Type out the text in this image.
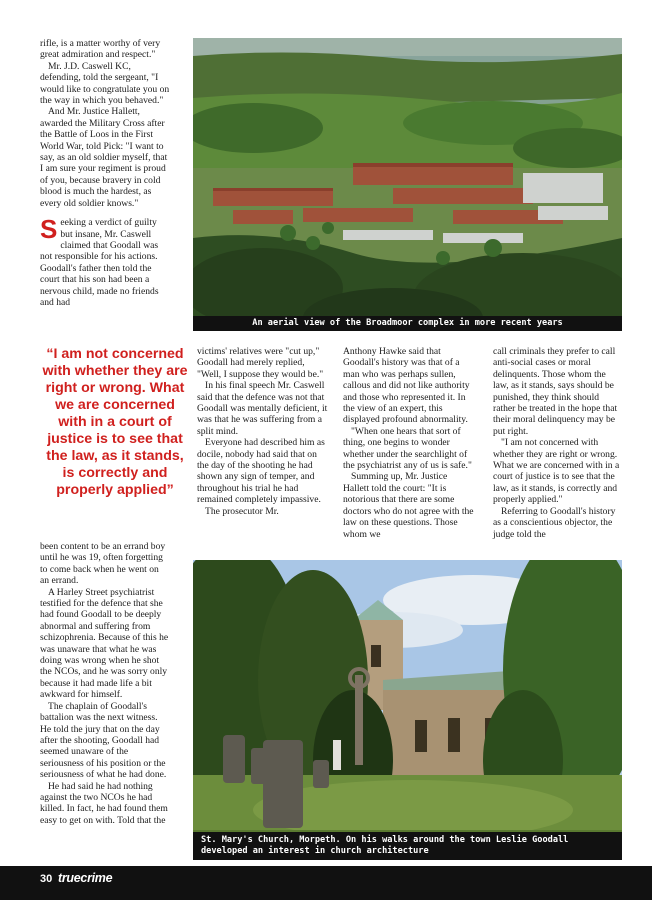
rifle, is a matter worthy of very great admiration and respect."

Mr. J.D. Caswell KC, defending, told the sergeant, "I would like to congratulate you on the way in which you behaved."

And Mr. Justice Hallett, awarded the Military Cross after the Battle of Loos in the First World War, told Pick: "I want to say, as an old soldier myself, that I am sure your regiment is proud of you, because bravery in cold blood is much the hardest, as every old soldier knows."

Seeking a verdict of guilty but insane, Mr. Caswell claimed that Goodall was not responsible for his actions. Goodall's father then told the court that his son had been a nervous child, made no friends and had

“I am not concerned with whether they are right or wrong. What we are concerned with in a court of justice is to see that the law, as it stands, is correctly and properly applied”

been content to be an errand boy until he was 19, often forgetting to come back when he went on an errand.

A Harley Street psychiatrist testified for the defence that she had found Goodall to be deeply abnormal and suffering from schizophrenia. Because of this he was unaware that what he was doing was wrong when he shot the NCOs, and he was sorry only because it had made life a bit awkward for himself.

The chaplain of Goodall's battalion was the next witness. He told the jury that on the day after the shooting, Goodall had seemed unaware of the seriousness of his position or the seriousness of what he had done.

He had said he had nothing against the two NCOs he had killed. In fact, he had found them easy to get on with. Told that the

An aerial view of the Broadmoor complex in more recent years

victims' relatives were "cut up," Goodall had merely replied, "Well, I suppose they would be."

In his final speech Mr. Caswell said that the defence was not that Goodall was mentally deficient, it was that he was suffering from a split mind.

Everyone had described him as docile, nobody had said that on the day of the shooting he had shown any sign of temper, and throughout his trial he had remained completely impassive.

The prosecutor Mr.

Anthony Hawke said that Goodall's history was that of a man who was perhaps sullen, callous and did not like authority and those who represented it. In the view of an expert, this displayed profound abnormality.

"When one hears that sort of thing, one begins to wonder whether under the searchlight of the psychiatrist any of us is safe."

Summing up, Mr. Justice Hallett told the court: "It is notorious that there are some doctors who do not agree with the law on these questions. Those whom we

call criminals they prefer to call anti-social cases or moral delinquents. Those whom the law, as it stands, says should be punished, they think should rather be treated in the hope that their moral delinquency may be put right.

"I am not concerned with whether they are right or wrong. What we are concerned with in a court of justice is to see that the law, as it stands, is correctly and properly applied."

Referring to Goodall's history as a conscientious objector, the judge told the

St. Mary's Church, Morpeth. On his walks around the town Leslie Goodall developed an interest in church architecture
30 truecrime
